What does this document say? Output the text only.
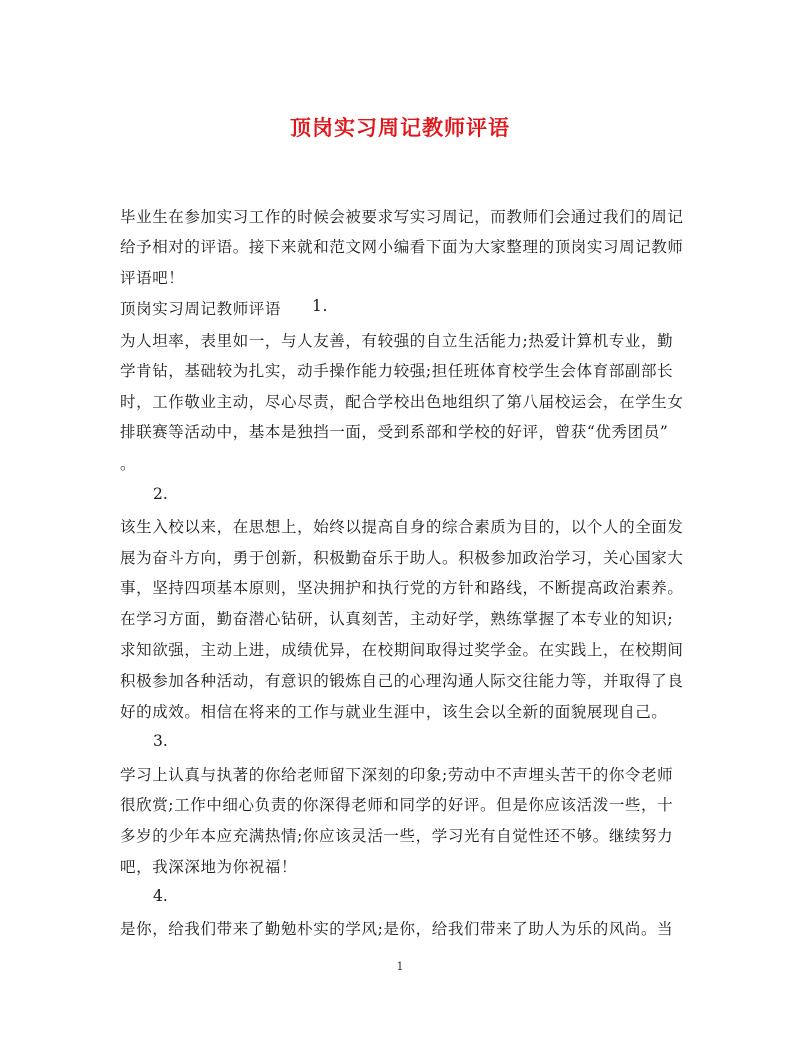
顶岗实习周记教师评语
毕业生在参加实习工作的时候会被要求写实习周记，而教师们会通过我们的周记
给予相对的评语。接下来就和范文网小编看下面为大家整理的顶岗实习周记教师
评语吧！
顶岗实习周记教师评语 1.
为人坦率，表里如一，与人友善，有较强的自立生活能力;热爱计算机专业，勤
学肯钻，基础较为扎实，动手操作能力较强;担任班体育校学生会体育部副部长
时，工作敬业主动，尽心尽责，配合学校出色地组织了第八届校运会，在学生女
排联赛等活动中，基本是独挡一面，受到系部和学校的好评，曾获“优秀团员”
。
2.
该生入校以来，在思想上，始终以提高自身的综合素质为目的，以个人的全面发
展为奋斗方向，勇于创新，积极勤奋乐于助人。积极参加政治学习，关心国家大
事，坚持四项基本原则，坚决拥护和执行党的方针和路线，不断提高政治素养。
在学习方面，勤奋潜心钻研，认真刻苦，主动好学，熟练掌握了本专业的知识;
求知欲强，主动上进，成绩优异，在校期间取得过奖学金。在实践上，在校期间
积极参加各种活动，有意识的锻炼自己的心理沟通人际交往能力等，并取得了良
好的成效。相信在将来的工作与就业生涯中，该生会以全新的面貌展现自己。
3.
学习上认真与执著的你给老师留下深刻的印象;劳动中不声埋头苦干的你令老师
很欣赏;工作中细心负责的你深得老师和同学的好评。但是你应该活泼一些，十
多岁的少年本应充满热情;你应该灵活一些，学习光有自觉性还不够。继续努力
吧，我深深地为你祝福！
4.
是你，给我们带来了勤勉朴实的学风;是你，给我们带来了助人为乐的风尚。当
1
